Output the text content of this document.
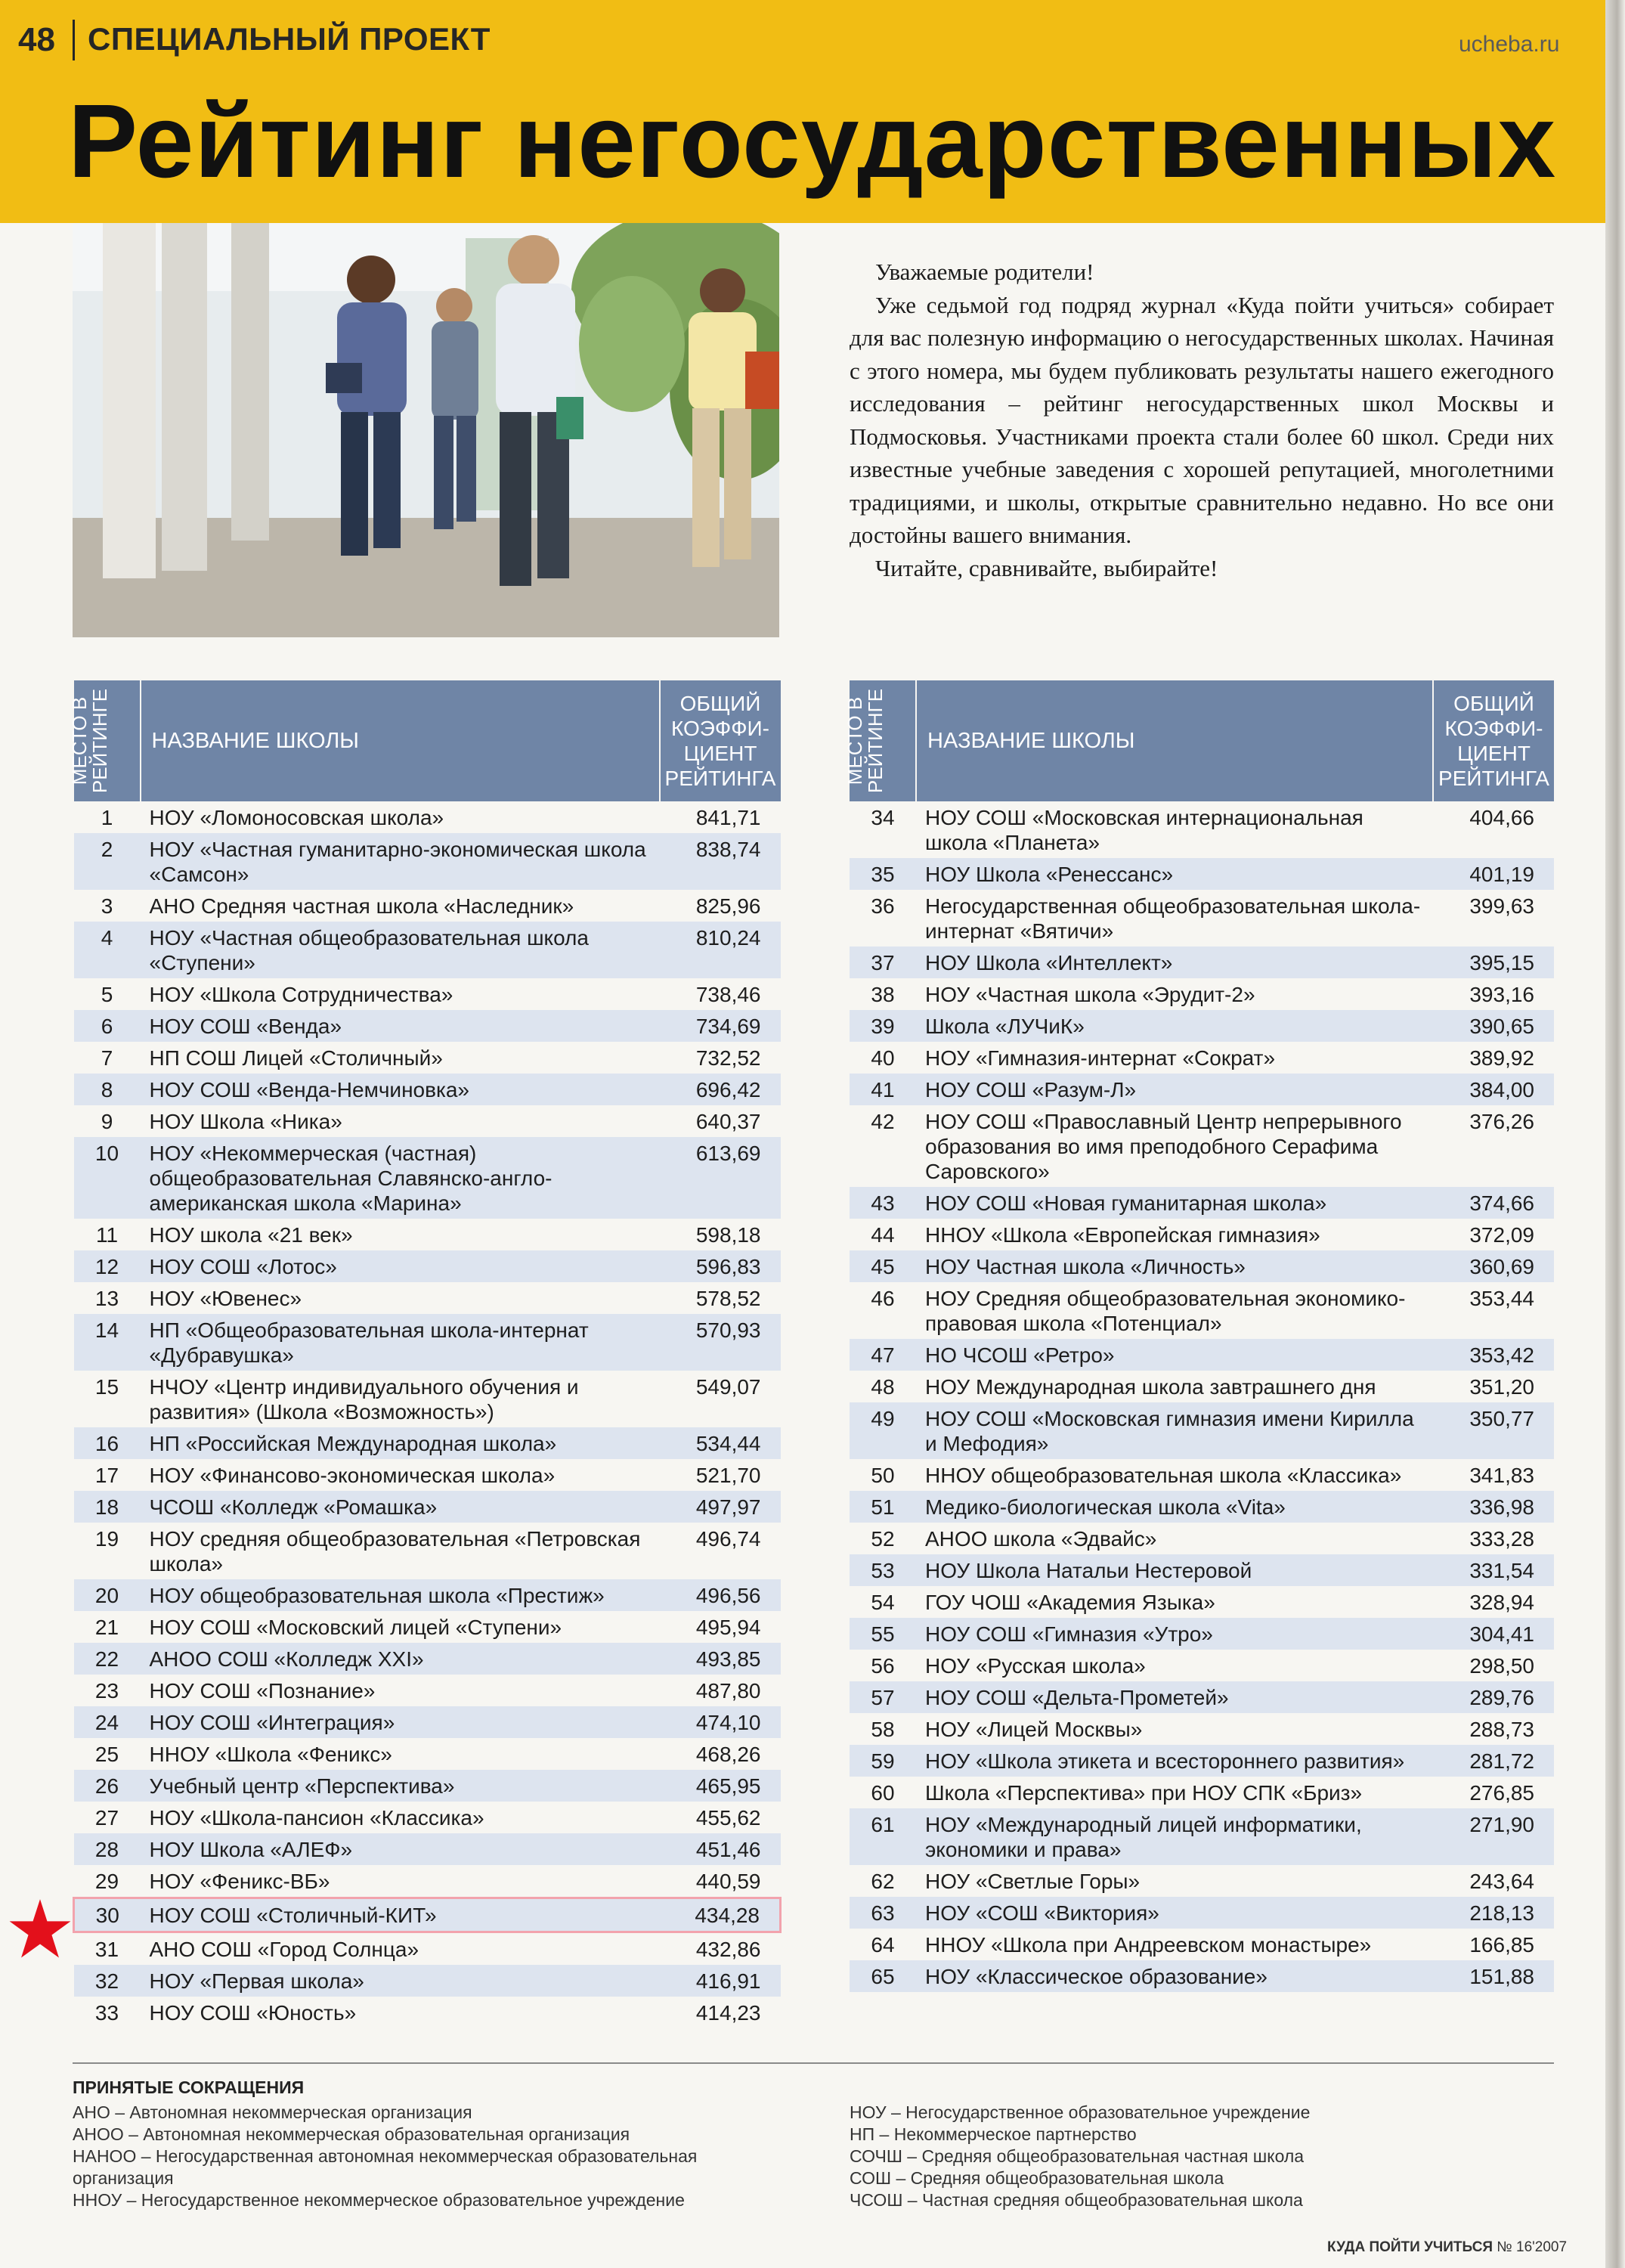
48 СПЕЦИАЛЬНЫЙ ПРОЕКТ	ucheba.ru
Рейтинг негосударственных

Уважаемые родители!

Уже седьмой год подряд журнал «Куда пойти учиться» собирает для вас полезную информацию о негосударственных школах. Начиная с этого номера, мы будем публиковать результаты нашего ежегодного исследования – рейтинг негосударственных школ Москвы и Подмосковья. Участниками проекта стали более 60 школ. Среди них известные учебные заведения с хорошей репутацией, многолетними традициями, и школы, открытые сравнительно недавно. Но все они достойны вашего внимания.

Читайте, сравнивайте, выбирайте!

МЕСТО В
РЕЙТИНГЕ	НАЗВАНИЕ ШКОЛЫ	ОБЩИЙ
КОЭФФИ-
ЦИЕНТ
РЕЙТИНГА
1	НОУ «Ломоносовская школа»	841,71
2	НОУ «Частная гуманитарно-экономическая школа «Самсон»	838,74
3	АНО Средняя частная школа «Наследник»	825,96
4	НОУ «Частная общеобразовательная школа «Ступени»	810,24
5	НОУ «Школа Сотрудничества»	738,46
6	НОУ СОШ «Венда»	734,69
7	НП СОШ Лицей «Столичный»	732,52
8	НОУ СОШ «Венда-Немчиновка»	696,42
9	НОУ Школа «Ника»	640,37
10	НОУ «Некоммерческая (частная) общеобразовательная Славянско-англо-американская школа «Марина»	613,69
11	НОУ школа «21 век»	598,18
12	НОУ СОШ «Лотос»	596,83
13	НОУ «Ювенес»	578,52
14	НП «Общеобразовательная школа-интернат «Дубравушка»	570,93
15	НЧОУ «Центр индивидуального обучения и развития» (Школа «Возможность»)	549,07
16	НП «Российская Международная школа»	534,44
17	НОУ «Финансово-экономическая школа»	521,70
18	ЧСОШ «Колледж «Ромашка»	497,97
19	НОУ средняя общеобразовательная «Петровская школа»	496,74
20	НОУ общеобразовательная школа «Престиж»	496,56
21	НОУ СОШ «Московский лицей «Ступени»	495,94
22	АНОО СОШ «Колледж XXI»	493,85
23	НОУ СОШ «Познание»	487,80
24	НОУ СОШ «Интеграция»	474,10
25	ННОУ «Школа «Феникс»	468,26
26	Учебный центр «Перспектива»	465,95
27	НОУ «Школа-пансион «Классика»	455,62
28	НОУ Школа «АЛЕФ»	451,46
29	НОУ «Феникс-ВБ»	440,59
30	НОУ СОШ «Столичный-КИТ»	434,28
31	АНО СОШ «Город Солнца»	432,86
32	НОУ «Первая школа»	416,91
33	НОУ СОШ «Юность»	414,23
МЕСТО В
РЕЙТИНГЕ	НАЗВАНИЕ ШКОЛЫ	ОБЩИЙ
КОЭФФИ-
ЦИЕНТ
РЕЙТИНГА
34	НОУ СОШ «Московская интернациональная школа «Планета»	404,66
35	НОУ Школа «Ренессанс»	401,19
36	Негосударственная общеобразовательная школа-интернат «Вятичи»	399,63
37	НОУ Школа «Интеллект»	395,15
38	НОУ «Частная школа «Эрудит-2»	393,16
39	Школа «ЛУЧиК»	390,65
40	НОУ «Гимназия-интернат «Сократ»	389,92
41	НОУ СОШ «Разум-Л»	384,00
42	НОУ СОШ «Православный Центр непрерывного образования во имя преподобного Серафима Саровского»	376,26
43	НОУ СОШ «Новая гуманитарная школа»	374,66
44	ННОУ «Школа «Европейская гимназия»	372,09
45	НОУ Частная школа «Личность»	360,69
46	НОУ Средняя общеобразовательная экономико-правовая школа «Потенциал»	353,44
47	НО ЧСОШ «Ретро»	353,42
48	НОУ Международная школа завтрашнего дня	351,20
49	НОУ СОШ «Московская гимназия имени Кирилла и Мефодия»	350,77
50	ННОУ общеобразовательная школа «Классика»	341,83
51	Медико-биологическая школа «Vita»	336,98
52	АНОО школа «Эдвайс»	333,28
53	НОУ Школа Натальи Нестеровой	331,54
54	ГОУ ЧОШ «Академия Языка»	328,94
55	НОУ СОШ «Гимназия «Утро»	304,41
56	НОУ «Русская школа»	298,50
57	НОУ СОШ «Дельта-Прометей»	289,76
58	НОУ «Лицей Москвы»	288,73
59	НОУ «Школа этикета и всестороннего развития»	281,72
60	Школа «Перспектива» при НОУ СПК «Бриз»	276,85
61	НОУ «Международный лицей информатики, экономики и права»	271,90
62	НОУ «Светлые Горы»	243,64
63	НОУ «СОШ «Виктория»	218,13
64	ННОУ «Школа при Андреевском монастыре»	166,85
65	НОУ «Классическое образование»	151,88
ПРИНЯТЫЕ СОКРАЩЕНИЯ
АНО – Автономная некоммерческая организация
АНОО – Автономная некоммерческая образовательная организация
НАНОО – Негосударственная автономная некоммерческая образовательная организация
ННОУ – Негосударственное некоммерческое образовательное учреждение
НОУ – Негосударственное образовательное учреждение
НП – Некоммерческое партнерство
СОЧШ – Средняя общеобразовательная частная школа
СОШ – Средняя общеобразовательная школа
ЧСОШ – Частная средняя общеобразовательная школа
КУДА ПОЙТИ УЧИТЬСЯ № 16'2007
